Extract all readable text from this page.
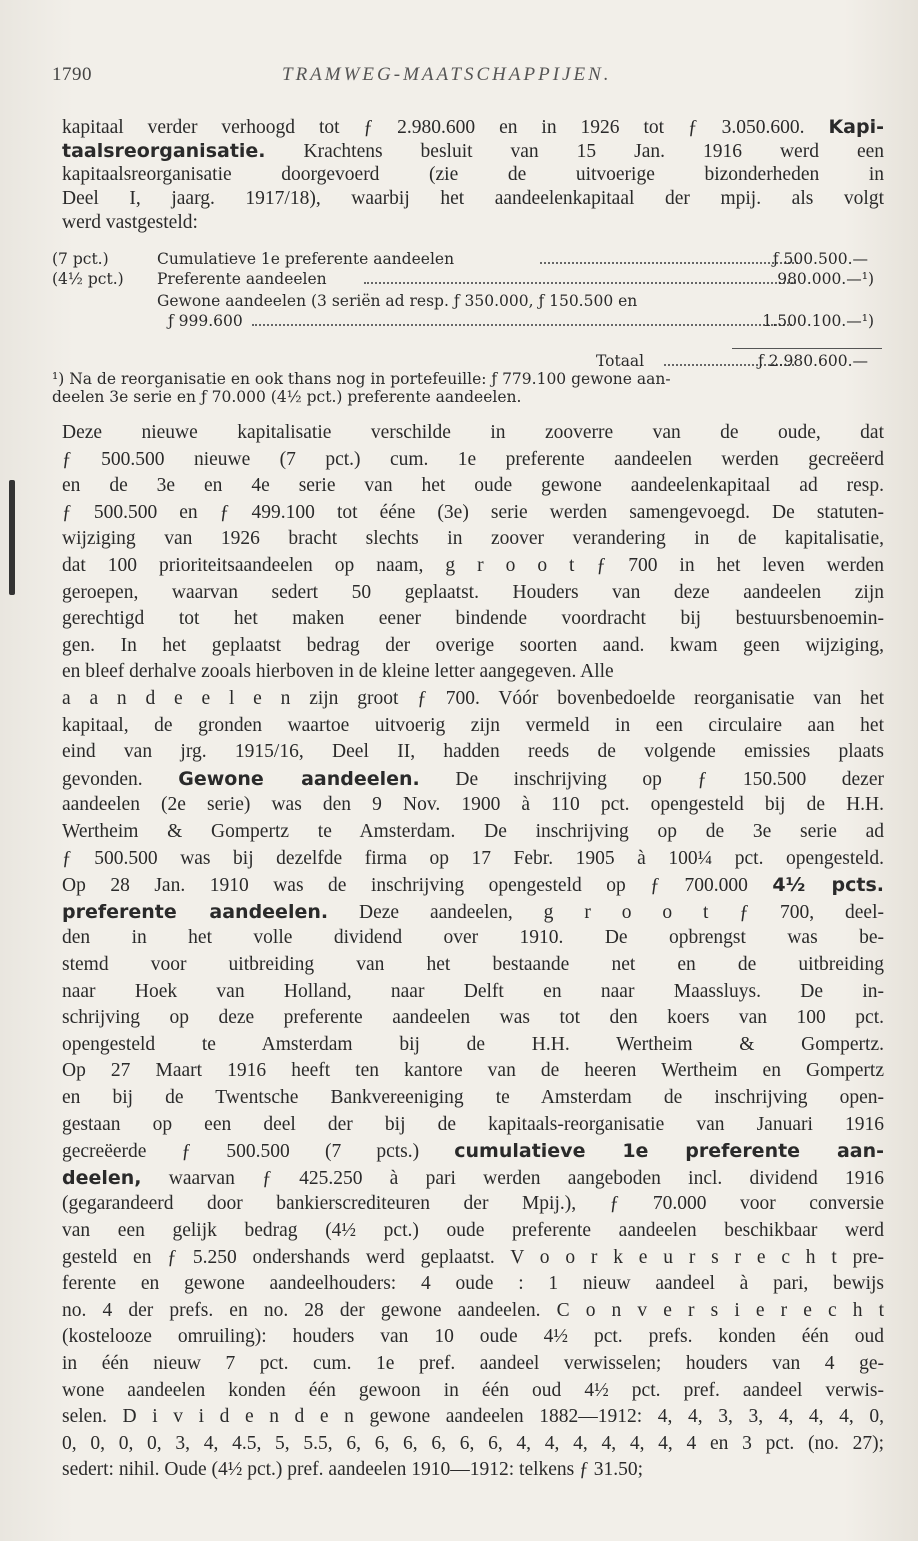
1790	TRAMWEG-MAATSCHAPPIJEN.
kapitaal verder verhoogd tot ƒ 2.980.600 en in 1926 tot ƒ 3.050.600. Kapi-
taalsreorganisatie. Krachtens besluit van 15 Jan. 1916 werd een
kapitaalsreorganisatie doorgevoerd (zie de uitvoerige bizonderheden in
Deel I, jaarg. 1917/18), waarbij het aandeelenkapitaal der mpij. als volgt
werd vastgesteld:
(7 pct.)	Cumulatieve 1e preferente aandeelen	ƒ 500.500.—
(4½ pct.) Preferente aandeelen	980.000.—¹)
Gewone aandeelen (3 seriën ad resp. ƒ 350.000, ƒ 150.500 en
ƒ 999.600	1.500.100.—¹)
Totaal	ƒ 2.980.600.—
¹) Na de reorganisatie en ook thans nog in portefeuille: ƒ 779.100 gewone aan-
deelen 3e serie en ƒ 70.000 (4½ pct.) preferente aandeelen.
Deze nieuwe kapitalisatie verschilde in zooverre van de oude, dat
ƒ 500.500 nieuwe (7 pct.) cum. 1e preferente aandeelen werden gecreëerd
en de 3e en 4e serie van het oude gewone aandeelenkapitaal ad resp.
ƒ 500.500 en ƒ 499.100 tot ééne (3e) serie werden samengevoegd. De statuten-
wijziging van 1926 bracht slechts in zoover verandering in de kapitalisatie,
dat 100 prioriteitsaandeelen op naam, g r o o t ƒ 700 in het leven werden
geroepen, waarvan sedert 50 geplaatst. Houders van deze aandeelen zijn
gerechtigd tot het maken eener bindende voordracht bij bestuursbenoemin-
gen. In het geplaatst bedrag der overige soorten aand. kwam geen wijziging,
en bleef derhalve zooals hierboven in de kleine letter aangegeven. Alle
a a n d e e l e n zijn groot ƒ 700. Vóór bovenbedoelde reorganisatie van het
kapitaal, de gronden waartoe uitvoerig zijn vermeld in een circulaire aan het
eind van jrg. 1915/16, Deel II, hadden reeds de volgende emissies plaats
gevonden. Gewone aandeelen. De inschrijving op ƒ 150.500 dezer
aandeelen (2e serie) was den 9 Nov. 1900 à 110 pct. opengesteld bij de H.H.
Wertheim & Gompertz te Amsterdam. De inschrijving op de 3e serie ad
ƒ 500.500 was bij dezelfde firma op 17 Febr. 1905 à 100¼ pct. opengesteld.
Op 28 Jan. 1910 was de inschrijving opengesteld op ƒ 700.000 4½ pcts.
preferente aandeelen. Deze aandeelen, g r o o t ƒ 700, deel-
den in het volle dividend over 1910. De opbrengst was be-
stemd voor uitbreiding van het bestaande net en de uitbreiding
naar Hoek van Holland, naar Delft en naar Maassluys. De in-
schrijving op deze preferente aandeelen was tot den koers van 100 pct.
opengesteld te Amsterdam bij de H.H. Wertheim & Gompertz.
Op 27 Maart 1916 heeft ten kantore van de heeren Wertheim en Gompertz
en bij de Twentsche Bankvereeniging te Amsterdam de inschrijving open-
gestaan op een deel der bij de kapitaals-reorganisatie van Januari 1916
gecreëerde ƒ 500.500 (7 pcts.) cumulatieve 1e preferente aan-
deelen, waarvan ƒ 425.250 à pari werden aangeboden incl. dividend 1916
(gegarandeerd door bankierscrediteuren der Mpij.), ƒ 70.000 voor conversie
van een gelijk bedrag (4½ pct.) oude preferente aandeelen beschikbaar werd
gesteld en ƒ 5.250 ondershands werd geplaatst. V o o r k e u r s r e c h t pre-
ferente en gewone aandeelhouders: 4 oude : 1 nieuw aandeel à pari, bewijs
no. 4 der prefs. en no. 28 der gewone aandeelen. C o n v e r s i e r e c h t
(kostelooze omruiling): houders van 10 oude 4½ pct. prefs. konden één oud
in één nieuw 7 pct. cum. 1e pref. aandeel verwisselen; houders van 4 ge-
wone aandeelen konden één gewoon in één oud 4½ pct. pref. aandeel verwis-
selen. D i v i d e n d e n gewone aandeelen 1882—1912: 4, 4, 3, 3, 4, 4, 4, 0,
0, 0, 0, 0, 3, 4, 4.5, 5, 5.5, 6, 6, 6, 6, 6, 6, 4, 4, 4, 4, 4, 4, 4 en 3 pct. (no. 27);
sedert: nihil. Oude (4½ pct.) pref. aandeelen 1910—1912: telkens ƒ 31.50;
